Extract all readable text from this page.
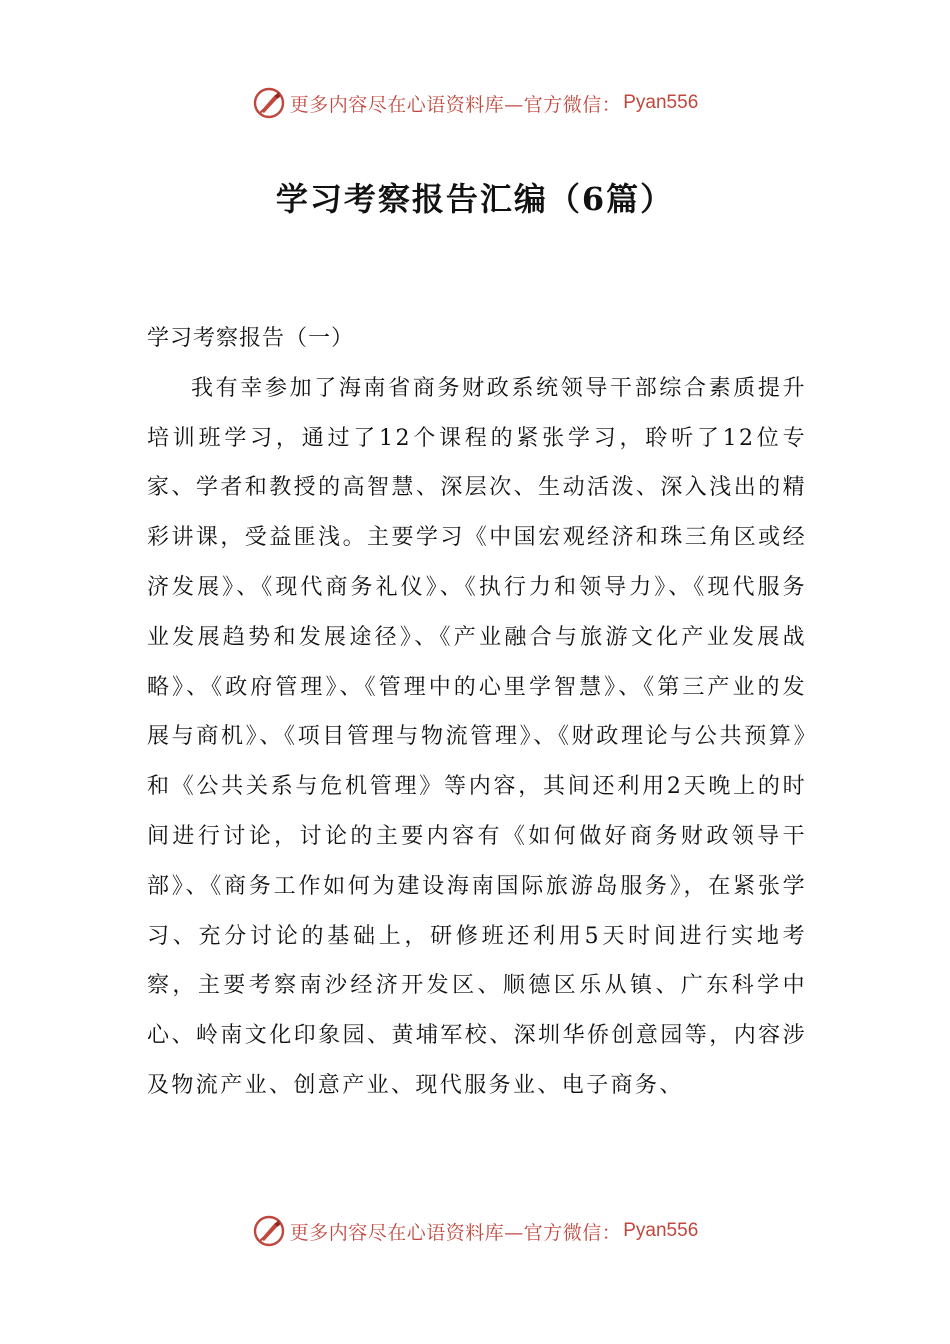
更多内容尽在心语资料库—官方微信： Pyan556
学习考察报告汇编（6篇）

学习考察报告（一）

我有幸参加了海南省商务财政系统领导干部综合素质提升培训班学习，通过了12个课程的紧张学习，聆听了12位专家、学者和教授的高智慧、深层次、生动活泼、深入浅出的精彩讲课，受益匪浅。主要学习《中国宏观经济和珠三角区或经济发展》、《现代商务礼仪》、《执行力和领导力》、《现代服务业发展趋势和发展途径》、《产业融合与旅游文化产业发展战略》、《政府管理》、《管理中的心里学智慧》、《第三产业的发展与商机》、《项目管理与物流管理》、《财政理论与公共预算》和《公共关系与危机管理》等内容，其间还利用2天晚上的时间进行讨论，讨论的主要内容有《如何做好商务财政领导干部》、《商务工作如何为建设海南国际旅游岛服务》，在紧张学习、充分讨论的基础上，研修班还利用5天时间进行实地考察，主要考察南沙经济开发区、顺德区乐从镇、广东科学中心、岭南文化印象园、黄埔军校、深圳华侨创意园等，内容涉及物流产业、创意产业、现代服务业、电子商务、

更多内容尽在心语资料库—官方微信： Pyan556
